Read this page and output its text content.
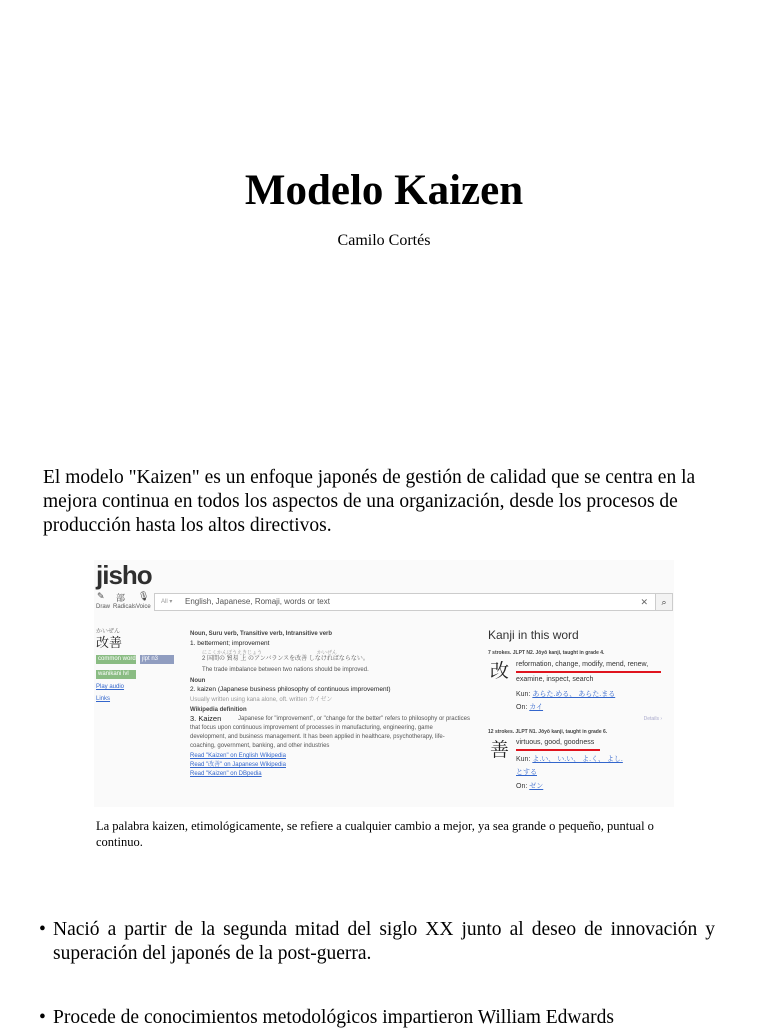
Modelo Kaizen
Camilo Cortés
El modelo "Kaizen" es un enfoque japonés de gestión de calidad que se centra en la mejora continua en todos los aspectos de una organización, desde los procesos de producción hasta los altos directivos.
jisho
✎ 部 🎙
Draw Radicals Voice
All ▾ English, Japanese, Romaji, words or text	✕	⌕
かいぜん
改善
common word	jlpt n3
wanikani lvl
Play audio
Links
Noun, Suru verb, Transitive verb, Intransitive verb
1. betterment; improvement
にこくかんぼうえきじょう　　　　　　　　　　　かいぜん
2 国間の 貿易 上 のアンバランスを改善 しなければならない。
The trade imbalance between two nations should be improved.
Noun
2. kaizen (Japanese business philosophy of continuous improvement)
Usually written using kana alone, oft. written カイゼン
Wikipedia definition
3. Kaizen	Japanese for "improvement", or "change for the better" refers to philosophy or practices
that focus upon continuous improvement of processes in manufacturing, engineering, game
development, and business management. It has been applied in healthcare, psychotherapy, life-
coaching, government, banking, and other industries
Read "Kaizen" on English Wikipedia
Read "改善" on Japanese Wikipedia
Read "Kaizen" on DBpedia
Kanji in this word
7 strokes. JLPT N2. Jōyō kanji, taught in grade 4.
改 reformation, change, modify, mend, renew,
examine, inspect, search
Kun: あらた.める、 あらた.まる
On: カイ
Details ›
12 strokes. JLPT N1. Jōyō kanji, taught in grade 6.
善 virtuous, good, goodness
Kun: よ.い、 い.い、 よ.く、 よし.
とする
On: ゼン
La palabra kaizen, etimológicamente, se refiere a cualquier cambio a mejor, ya sea grande o pequeño, puntual o continuo.
• Nació a partir de la segunda mitad del siglo XX junto al deseo de innovación y superación del japonés de la post-guerra.
• Procede de conocimientos metodológicos impartieron William Edwards
